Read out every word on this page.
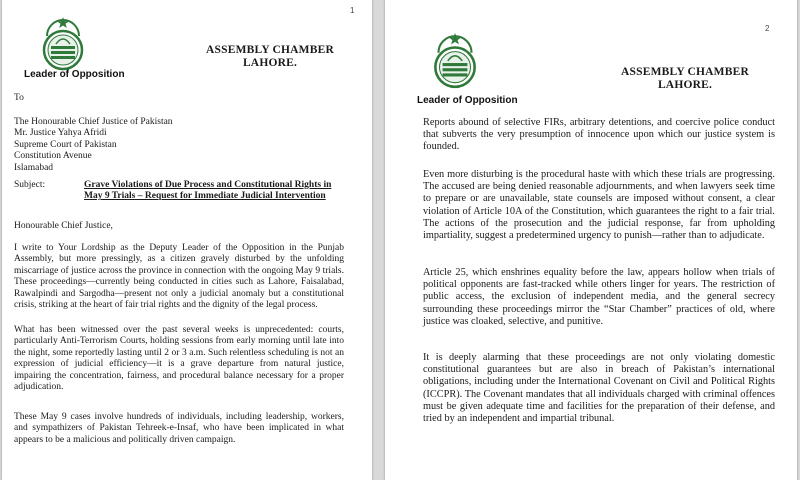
1
Leader of Opposition
ASSEMBLY CHAMBER
LAHORE.
To
The Honourable Chief Justice of Pakistan
Mr. Justice Yahya Afridi
Supreme Court of Pakistan
Constitution Avenue
Islamabad
Subject:	Grave Violations of Due Process and Constitutional Rights in May 9 Trials – Request for Immediate Judicial Intervention

Honourable Chief Justice,

I write to Your Lordship as the Deputy Leader of the Opposition in the Punjab Assembly, but more pressingly, as a citizen gravely disturbed by the unfolding miscarriage of justice across the province in connection with the ongoing May 9 trials. These proceedings—currently being conducted in cities such as Lahore, Faisalabad, Rawalpindi and Sargodha—present not only a judicial anomaly but a constitutional crisis, striking at the heart of fair trial rights and the dignity of the legal process.

What has been witnessed over the past several weeks is unprecedented: courts, particularly Anti-Terrorism Courts, holding sessions from early morning until late into the night, some reportedly lasting until 2 or 3 a.m. Such relentless scheduling is not an expression of judicial efficiency—it is a grave departure from natural justice, impairing the concentration, fairness, and procedural balance necessary for a proper adjudication.

These May 9 cases involve hundreds of individuals, including leadership, workers, and sympathizers of Pakistan Tehreek-e-Insaf, who have been implicated in what appears to be a malicious and politically driven campaign.

2
Leader of Opposition
ASSEMBLY CHAMBER
LAHORE.

Reports abound of selective FIRs, arbitrary detentions, and coercive police conduct that subverts the very presumption of innocence upon which our justice system is founded.

Even more disturbing is the procedural haste with which these trials are progressing. The accused are being denied reasonable adjournments, and when lawyers seek time to prepare or are unavailable, state counsels are imposed without consent, a clear violation of Article 10A of the Constitution, which guarantees the right to a fair trial. The actions of the prosecution and the judicial response, far from upholding impartiality, suggest a predetermined urgency to punish—rather than to adjudicate.

Article 25, which enshrines equality before the law, appears hollow when trials of political opponents are fast-tracked while others linger for years. The restriction of public access, the exclusion of independent media, and the general secrecy surrounding these proceedings mirror the “Star Chamber” practices of old, where justice was cloaked, selective, and punitive.

It is deeply alarming that these proceedings are not only violating domestic constitutional guarantees but are also in breach of Pakistan’s international obligations, including under the International Covenant on Civil and Political Rights (ICCPR). The Covenant mandates that all individuals charged with criminal offences must be given adequate time and facilities for the preparation of their defense, and tried by an independent and impartial tribunal.
